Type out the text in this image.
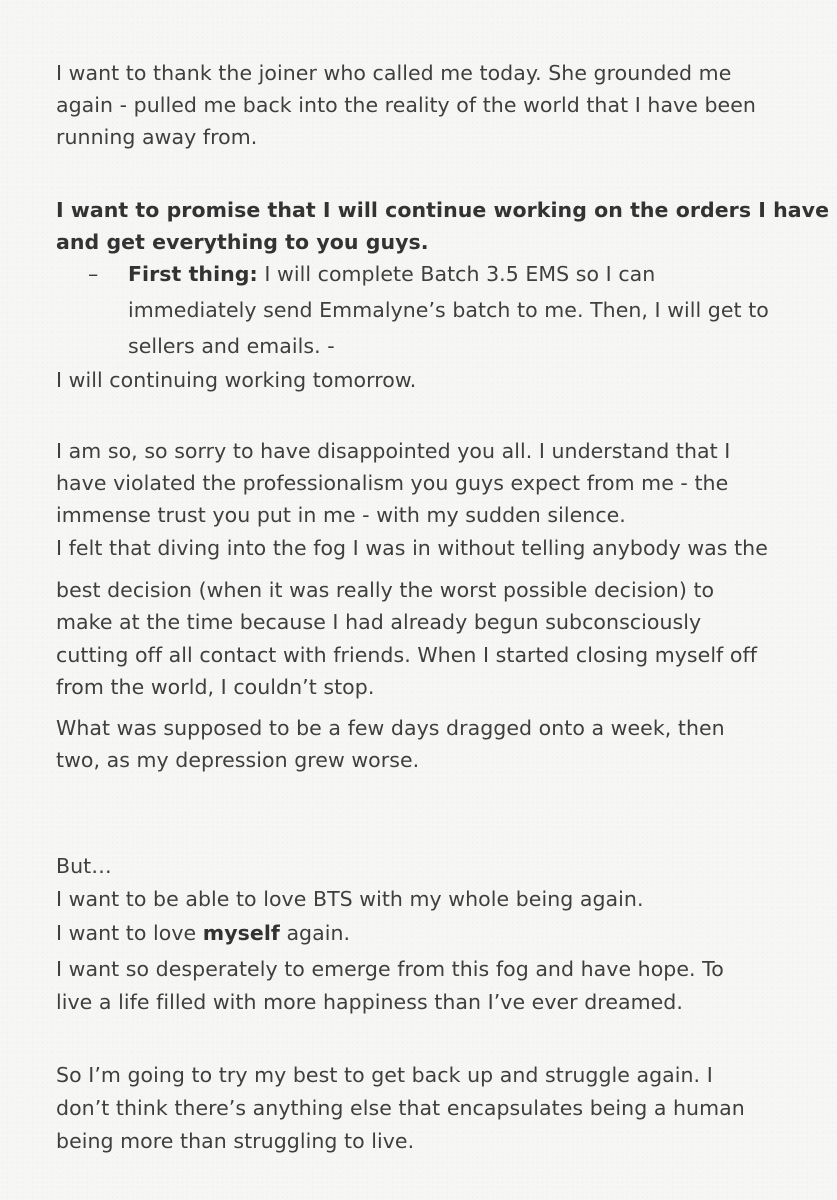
I want to thank the joiner who called me today. She grounded me

again - pulled me back into the reality of the world that I have been

running away from.

I want to promise that I will continue working on the orders I have

and get everything to you guys.

– First thing: I will complete Batch 3.5 EMS so I can

immediately send Emmalyne’s batch to me. Then, I will get to

sellers and emails. -

I will continuing working tomorrow.

I am so, so sorry to have disappointed you all. I understand that I

have violated the professionalism you guys expect from me - the

immense trust you put in me - with my sudden silence.

I felt that diving into the fog I was in without telling anybody was the

best decision (when it was really the worst possible decision) to

make at the time because I had already begun subconsciously

cutting off all contact with friends. When I started closing myself off

from the world, I couldn’t stop.

What was supposed to be a few days dragged onto a week, then

two, as my depression grew worse.

But…

I want to be able to love BTS with my whole being again.

I want to love myself again.

I want so desperately to emerge from this fog and have hope. To

live a life filled with more happiness than I’ve ever dreamed.

So I’m going to try my best to get back up and struggle again. I

don’t think there’s anything else that encapsulates being a human

being more than struggling to live.
